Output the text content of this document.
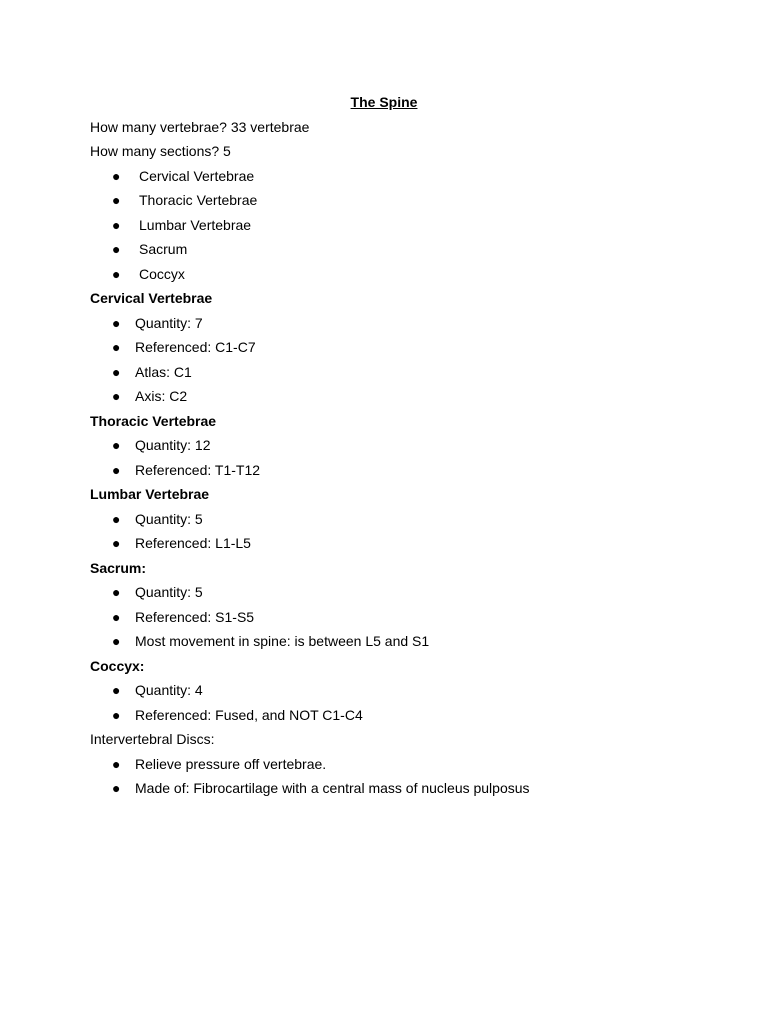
The Spine
How many vertebrae? 33 vertebrae
How many sections? 5
● Cervical Vertebrae
● Thoracic Vertebrae
● Lumbar Vertebrae
● Sacrum
● Coccyx
Cervical Vertebrae
● Quantity: 7
● Referenced: C1-C7
● Atlas: C1
● Axis: C2
Thoracic Vertebrae
● Quantity: 12
● Referenced: T1-T12
Lumbar Vertebrae
● Quantity: 5
● Referenced: L1-L5
Sacrum:
● Quantity: 5
● Referenced: S1-S5
● Most movement in spine: is between L5 and S1
Coccyx:
● Quantity: 4
● Referenced: Fused, and NOT C1-C4
Intervertebral Discs:
● Relieve pressure off vertebrae.
● Made of: Fibrocartilage with a central mass of nucleus pulposus
